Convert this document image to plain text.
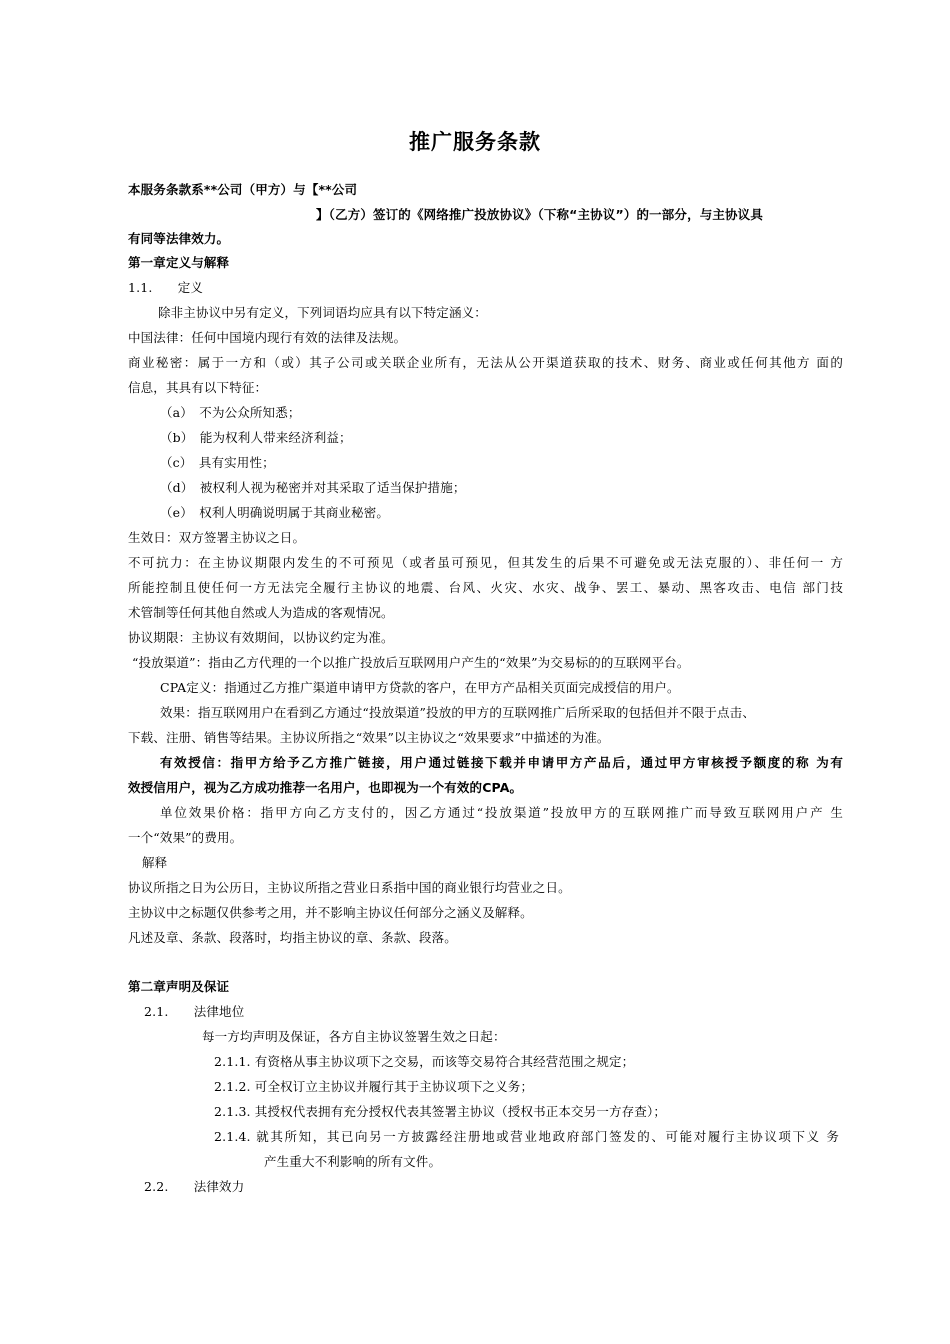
推广服务条款
本服务条款系**公司（甲方）与【**公司
】（乙方）签订的《网络推广投放协议》（下称“主协议”）的一部分，与主协议具
有同等法律效力。
第一章定义与解释
1.1.　　定义
除非主协议中另有定义，下列词语均应具有以下特定涵义：
中国法律：任何中国境内现行有效的法律及法规。
商业秘密：属于一方和（或）其子公司或关联企业所有，无法从公开渠道获取的技术、财务、商业或任何其他方 面的
信息，其具有以下特征：
（a）　不为公众所知悉；
（b）　能为权利人带来经济利益；
（c）　具有实用性；
（d）　被权利人视为秘密并对其采取了适当保护措施；
（e）　权利人明确说明属于其商业秘密。
生效日：双方签署主协议之日。
不可抗力：在主协议期限内发生的不可预见（或者虽可预见，但其发生的后果不可避免或无法克服的）、非任何一 方
所能控制且使任何一方无法完全履行主协议的地震、台风、火灾、水灾、战争、罢工、暴动、黑客攻击、电信 部门技
术管制等任何其他自然或人为造成的客观情况。
协议期限：主协议有效期间，以协议约定为准。
“投放渠道”：指由乙方代理的一个以推广投放后互联网用户产生的“效果”为交易标的的互联网平台。
CPA定义：指通过乙方推广渠道申请甲方贷款的客户，在甲方产品相关页面完成授信的用户。
效果：指互联网用户在看到乙方通过“投放渠道”投放的甲方的互联网推广后所采取的包括但并不限于点击、
下载、注册、销售等结果。主协议所指之“效果”以主协议之“效果要求”中描述的为准。
有效授信：指甲方给予乙方推广链接，用户通过链接下载并申请甲方产品后，通过甲方审核授予额度的称 为有
效授信用户，视为乙方成功推荐一名用户，也即视为一个有效的CPA。
单位效果价格：指甲方向乙方支付的，因乙方通过“投放渠道”投放甲方的互联网推广而导致互联网用户产 生
一个“效果”的费用。
解释
协议所指之日为公历日，主协议所指之营业日系指中国的商业银行均营业之日。
主协议中之标题仅供参考之用，并不影响主协议任何部分之涵义及解释。
凡述及章、条款、段落时，均指主协议的章、条款、段落。
第二章声明及保证
2.1.　　法律地位
每一方均声明及保证，各方自主协议签署生效之日起：
2.1.1. 有资格从事主协议项下之交易，而该等交易符合其经营范围之规定；
2.1.2. 可全权订立主协议并履行其于主协议项下之义务；
2.1.3. 其授权代表拥有充分授权代表其签署主协议（授权书正本交另一方存查）；
2.1.4. 就其所知，其已向另一方披露经注册地或营业地政府部门签发的、可能对履行主协议项下义 务
产生重大不利影响的所有文件。
2.2.　　法律效力
